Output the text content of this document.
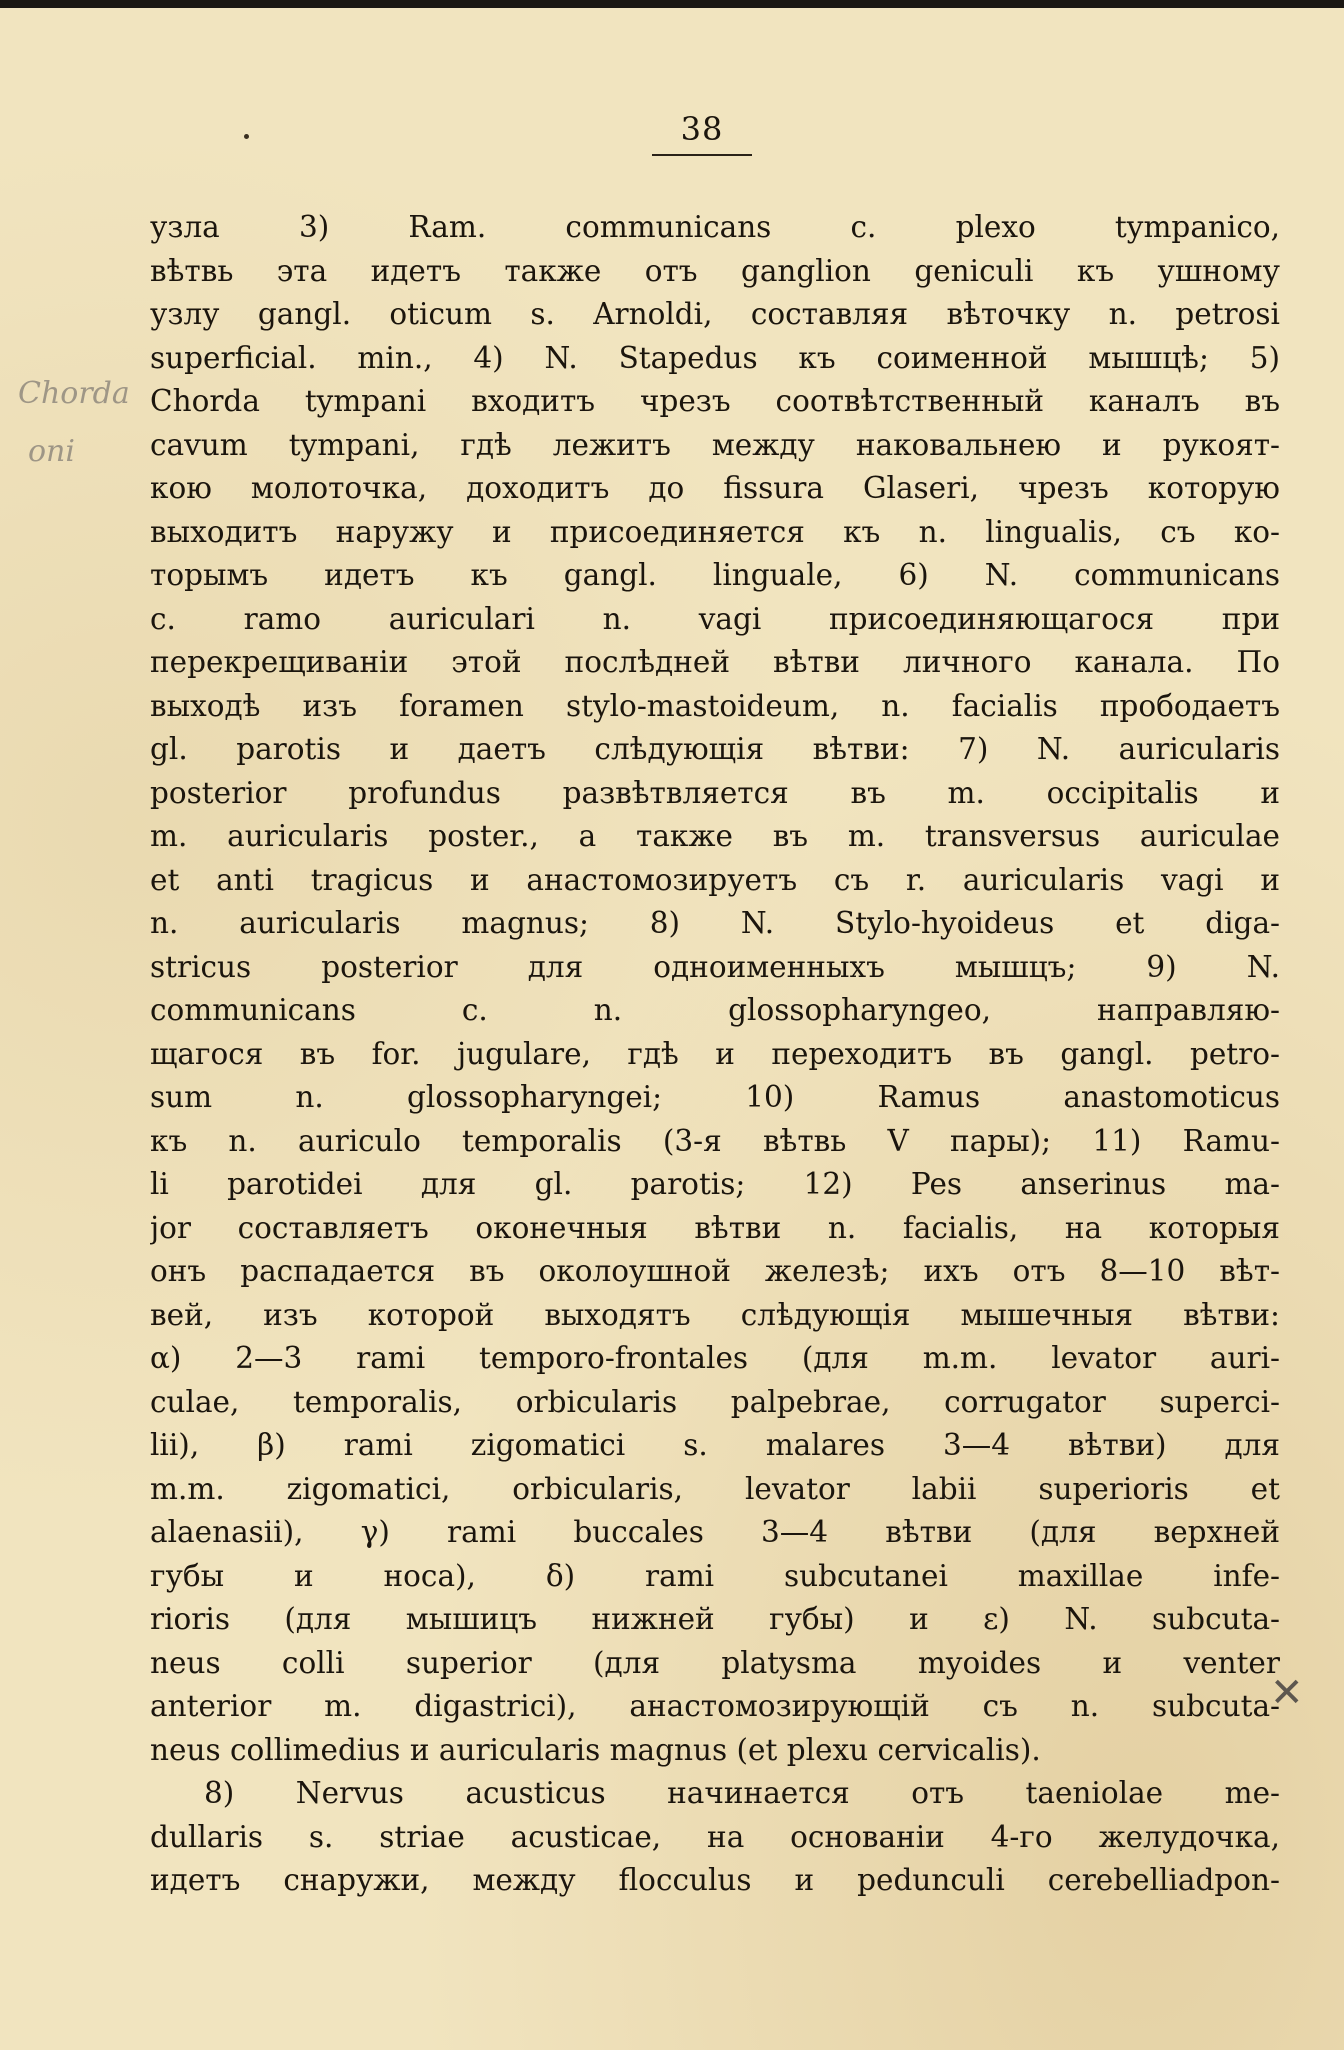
38
Chorda
oni
узла 3) Ram. communicans c. plexo tympanico,
вѣтвь эта идетъ также отъ ganglion geniculi къ ушному
узлу gangl. oticum s. Arnoldi, составляя вѣточку n. petrosi
superficial. min., 4) N. Stapedus къ соименной мышцѣ; 5)
Chorda tympani входитъ чрезъ соотвѣтственный каналъ въ
cavum tympani, гдѣ лежитъ между наковальнею и рукоят-
кою молоточка, доходитъ до fissura Glaseri, чрезъ которую
выходитъ наружу и присоединяется къ n. lingualis, съ ко-
торымъ идетъ къ gangl. linguale, 6) N. communicans
c. ramo auriculari n. vagi присоединяющагося при
перекрещиваніи этой послѣдней вѣтви личного канала. По
выходѣ изъ foramen stylo-mastoideum, n. facialis прободаетъ
gl. parotis и даетъ слѣдующія вѣтви: 7) N. auricularis
posterior profundus развѣтвляется въ m. occipitalis и
m. auricularis poster., а также въ m. transversus auriculae
et anti tragicus и анастомозируетъ съ r. auricularis vagi и
n. auricularis magnus; 8) N. Stylo-hyoideus et diga-
stricus posterior для одноименныхъ мышцъ; 9) N.
communicans c. n. glossopharyngeo, направляю-
щагося въ for. jugulare, гдѣ и переходитъ въ gangl. petro-
sum n. glossopharyngei; 10) Ramus anastomoticus
къ n. auriculo temporalis (3-я вѣтвь V пары); 11) Ramu-
li parotidei для gl. parotis; 12) Pes anserinus ma-
jor составляетъ оконечныя вѣтви n. facialis, на которыя
онъ распадается въ околоушной железѣ; ихъ отъ 8—10 вѣт-
вей, изъ которой выходятъ слѣдующія мышечныя вѣтви:
α) 2—3 rami temporo-frontales (для m.m. levator auri-
culae, temporalis, orbicularis palpebrae, corrugator superci-
lii), β) rami zigomatici s. malares 3—4 вѣтви) для
m.m. zigomatici, orbicularis, levator labii superioris et
alaenasii), γ) rami buccales 3—4 вѣтви (для верхней
губы и носа), δ) rami subcutanei maxillae infe-
rioris (для мышицъ нижней губы) и ε) N. subcuta-
neus colli superior (для platysma myoides и venter
anterior m. digastrici), анастомозирующій съ n. subcuta-
neus collimedius и auricularis magnus (et plexu cervicalis).
8) Nervus acusticus начинается отъ taeniolae me-
dullaris s. striae acusticae, на основаніи 4-го желудочка,
идетъ снаружи, между flocculus и pedunculi cerebelliadpon-
✕
